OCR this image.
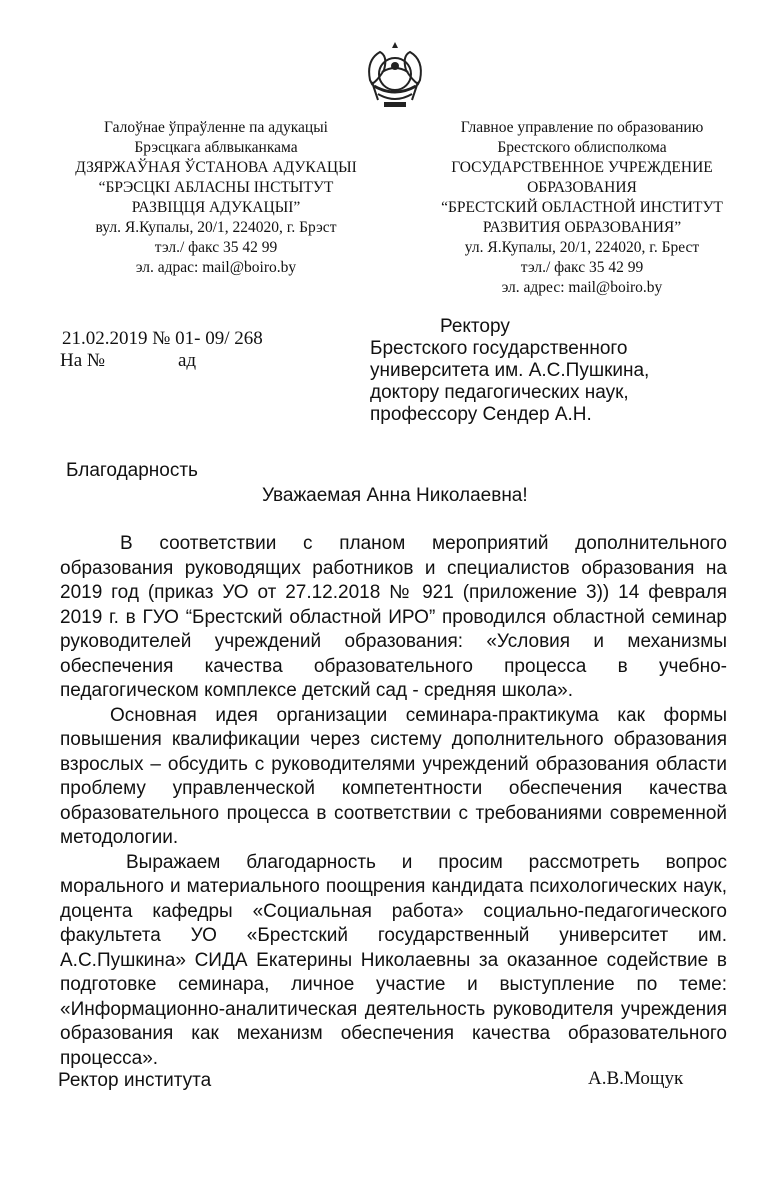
Галоўнае ўпраўленне па адукацыі
Брэсцкага аблвыканкама
ДЗЯРЖАЎНАЯ ЎСТАНОВА АДУКАЦЫІ
“БРЭСЦКІ АБЛАСНЫ ІНСТЫТУТ
РАЗВІЦЦЯ АДУКАЦЫІ”
вул. Я.Купалы, 20/1, 224020, г. Брэст
тэл./ факс 35 42 99
эл. адрас: mail@boiro.by
Главное управление по образованию
Брестского облисполкома
ГОСУДАРСТВЕННОЕ УЧРЕЖДЕНИЕ
ОБРАЗОВАНИЯ
“БРЕСТСКИЙ ОБЛАСТНОЙ ИНСТИТУТ
РАЗВИТИЯ ОБРАЗОВАНИЯ”
ул. Я.Купалы, 20/1, 224020, г. Брест
тэл./ факс 35 42 99
эл. адрес: mail@boiro.by
21.02.2019 № 01- 09/ 268
На №	ад
Ректору
Брестского государственного
университета им. А.С.Пушкина,
доктору педагогических наук,
профессору Сендер А.Н.
Благодарность
Уважаемая Анна Николаевна!

В соответствии с планом мероприятий дополнительного образования руководящих работников и специалистов образования на 2019 год (приказ УО от 27.12.2018 № 921 (приложение 3)) 14 февраля 2019 г. в ГУО “Брестский областной ИРО” проводился областной семинар руководителей учреждений образования: «Условия и механизмы обеспечения качества образовательного процесса в учебно-педагогическом комплексе детский сад - средняя школа».

Основная идея организации семинара-практикума как формы повышения квалификации через систему дополнительного образования взрослых – обсудить с руководителями учреждений образования области проблему управленческой компетентности обеспечения качества образовательного процесса в соответствии с требованиями современной методологии.

Выражаем благодарность и просим рассмотреть вопрос морального и материального поощрения кандидата психологических наук, доцента кафедры «Социальная работа» социально-педагогического факультета УО «Брестский государственный университет им. А.С.Пушкина» СИДА Екатерины Николаевны за оказанное содействие в подготовке семинара, личное участие и выступление по теме: «Информационно-аналитическая деятельность руководителя учреждения образования как механизм обеспечения качества образовательного процесса».

Ректор института	А.В.Мощук
